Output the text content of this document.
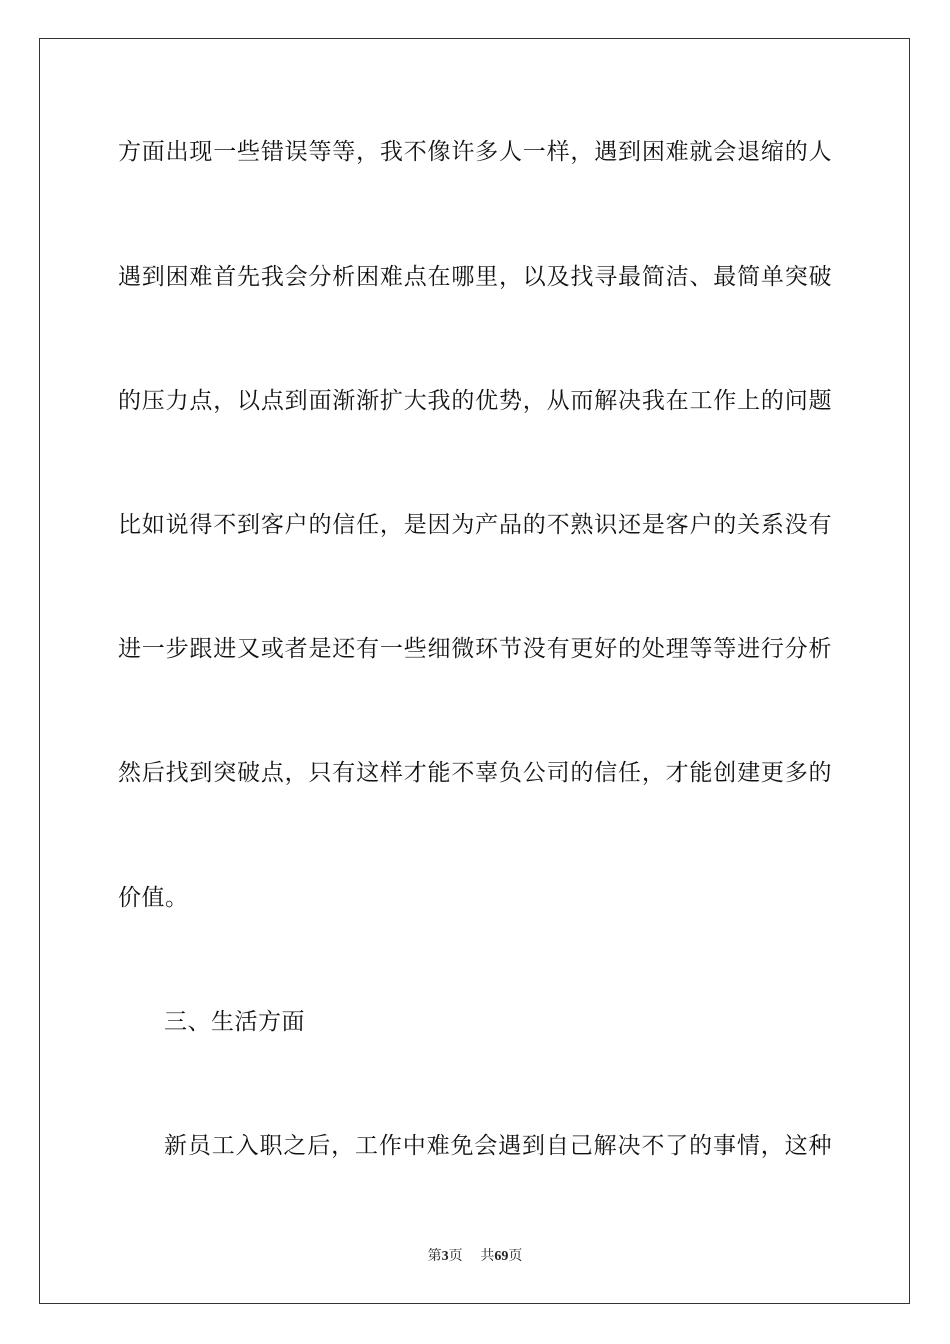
方面出现一些错误等等，我不像许多人一样，遇到困难就会退缩的人
遇到困难首先我会分析困难点在哪里，以及找寻最简洁、最简单突破
的压力点，以点到面渐渐扩大我的优势，从而解决我在工作上的问题
比如说得不到客户的信任，是因为产品的不熟识还是客户的关系没有
进一步跟进又或者是还有一些细微环节没有更好的处理等等进行分析
然后找到突破点，只有这样才能不辜负公司的信任，才能创建更多的
价值。
三、生活方面
新员工入职之后，工作中难免会遇到自己解决不了的事情，这种
第3页 共69页
